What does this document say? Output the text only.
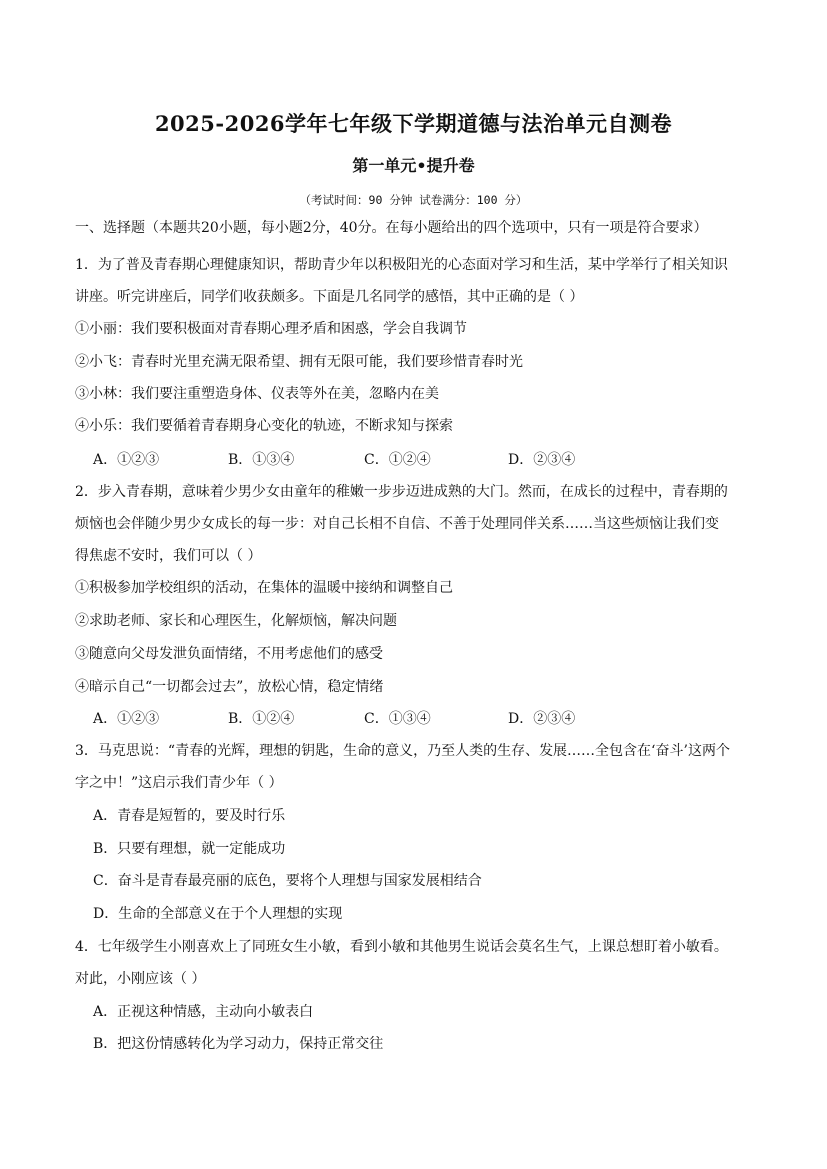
2025-2026学年七年级下学期道德与法治单元自测卷
第一单元•提升卷
（考试时间：90 分钟 试卷满分：100 分）
一、选择题（本题共20小题，每小题2分，40分。在每小题给出的四个选项中，只有一项是符合要求）
1．为了普及青春期心理健康知识，帮助青少年以积极阳光的心态面对学习和生活，某中学举行了相关知识
讲座。听完讲座后，同学们收获颇多。下面是几名同学的感悟，其中正确的是（ ）
①小丽：我们要积极面对青春期心理矛盾和困惑，学会自我调节
②小飞：青春时光里充满无限希望、拥有无限可能，我们要珍惜青春时光
③小林：我们要注重塑造身体、仪表等外在美，忽略内在美
④小乐：我们要循着青春期身心变化的轨迹，不断求知与探索
A．①②③	B．①③④	C．①②④	D．②③④
2．步入青春期，意味着少男少女由童年的稚嫩一步步迈进成熟的大门。然而，在成长的过程中，青春期的
烦恼也会伴随少男少女成长的每一步：对自己长相不自信、不善于处理同伴关系……当这些烦恼让我们变
得焦虑不安时，我们可以（ ）
①积极参加学校组织的活动，在集体的温暖中接纳和调整自己
②求助老师、家长和心理医生，化解烦恼，解决问题
③随意向父母发泄负面情绪，不用考虑他们的感受
④暗示自己“一切都会过去”，放松心情，稳定情绪
A．①②③	B．①②④	C．①③④	D．②③④
3．马克思说：“青春的光辉，理想的钥匙，生命的意义，乃至人类的生存、发展……全包含在‘奋斗’这两个
字之中！”这启示我们青少年（ ）
A．青春是短暂的，要及时行乐
B．只要有理想，就一定能成功
C．奋斗是青春最亮丽的底色，要将个人理想与国家发展相结合
D．生命的全部意义在于个人理想的实现
4．七年级学生小刚喜欢上了同班女生小敏，看到小敏和其他男生说话会莫名生气，上课总想盯着小敏看。
对此，小刚应该（ ）
A．正视这种情感，主动向小敏表白
B．把这份情感转化为学习动力，保持正常交往
